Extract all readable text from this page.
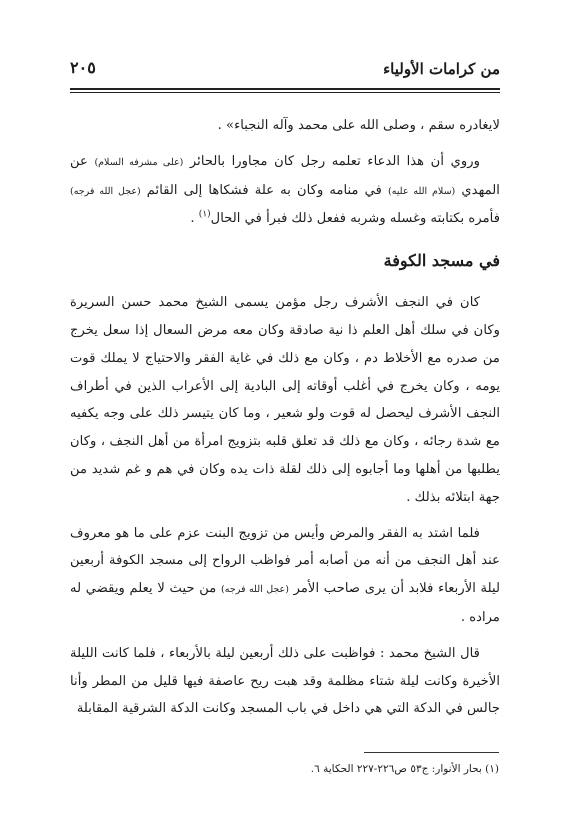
من كرامات الأولياء
٢٠٥

لايغادره سقم ، وصلى الله على محمد وآله النجباء» .

وروي أن هذا الدعاء تعلمه رجل كان مجاورا بالحائر (على مشرفه السلام) عن المهدي (سلام الله عليه) في منامه وكان به علة فشكاها إلى القائم (عجل الله فرجه) فأمره بكتابته وغسله وشربه ففعل ذلك فبرأ في الحال$^{(١)}$ .

في مسجد الكوفة

كان في النجف الأشرف رجل مؤمن يسمى الشيخ محمد حسن السريرة وكان في سلك أهل العلم ذا نية صادقة وكان معه مرض السعال إذا سعل يخرج من صدره مع الأخلاط دم ، وكان مع ذلك في غاية الفقر والاحتياج لا يملك قوت يومه ، وكان يخرج في أغلب أوقاته إلى البادية إلى الأعراب الذين في أطراف النجف الأشرف ليحصل له قوت ولو شعير ، وما كان يتيسر ذلك على وجه يكفيه مع شدة رجائه ، وكان مع ذلك قد تعلق قلبه بتزويج امرأة من أهل النجف ، وكان يطلبها من أهلها وما أجابوه إلى ذلك لقلة ذات يده وكان في هم و غم شديد من جهة ابتلائه بذلك .

فلما اشتد به الفقر والمرض وأيس من تزويج البنت عزم على ما هو معروف عند أهل النجف من أنه من أصابه أمر فواظب الرواح إلى مسجد الكوفة أربعين ليلة الأربعاء فلابد أن يرى صاحب الأمر (عجل الله فرجه) من حيث لا يعلم ويقضي له مراده .

قال الشيخ محمد : فواظبت على ذلك أربعين ليلة بالأربعاء ، فلما كانت الليلة الأخيرة وكانت ليلة شتاء مظلمة وقد هبت ريح عاصفة فيها قليل من المطر وأنا جالس في الدكة التي هي داخل في باب المسجد وكانت الدكة الشرقية المقابلة

(١) بحار الأنوار: ج٥٣ ص٢٢٦-٢٢٧ الحكاية ٦.
